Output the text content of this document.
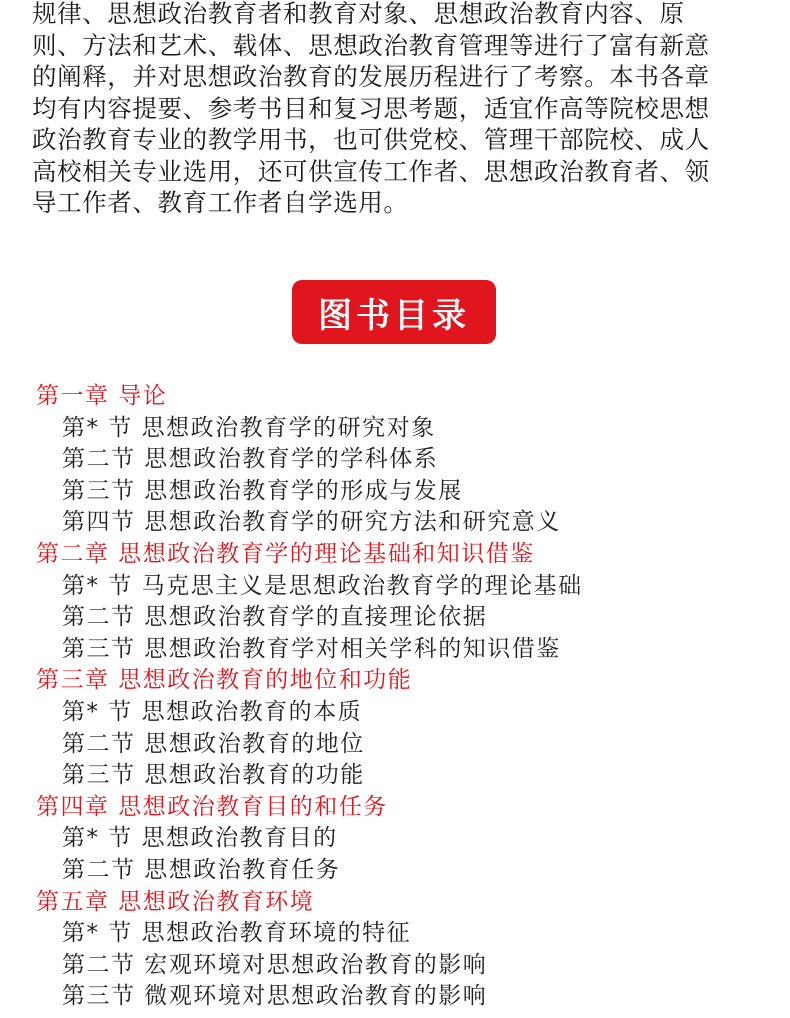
规律、思想政治教育者和教育对象、思想政治教育内容、原
则、方法和艺术、载体、思想政治教育管理等进行了富有新意
的阐释，并对思想政治教育的发展历程进行了考察。本书各章
均有内容提要、参考书目和复习思考题，适宜作高等院校思想
政治教育专业的教学用书，也可供党校、管理干部院校、成人
高校相关专业选用，还可供宣传工作者、思想政治教育者、领
导工作者、教育工作者自学选用。

图书目录
第一章 导论
第* 节 思想政治教育学的研究对象
第二节 思想政治教育学的学科体系
第三节 思想政治教育学的形成与发展
第四节 思想政治教育学的研究方法和研究意义
第二章 思想政治教育学的理论基础和知识借鉴
第* 节 马克思主义是思想政治教育学的理论基础
第二节 思想政治教育学的直接理论依据
第三节 思想政治教育学对相关学科的知识借鉴
第三章 思想政治教育的地位和功能
第* 节 思想政治教育的本质
第二节 思想政治教育的地位
第三节 思想政治教育的功能
第四章 思想政治教育目的和任务
第* 节 思想政治教育目的
第二节 思想政治教育任务
第五章 思想政治教育环境
第* 节 思想政治教育环境的特征
第二节 宏观环境对思想政治教育的影响
第三节 微观环境对思想政治教育的影响
